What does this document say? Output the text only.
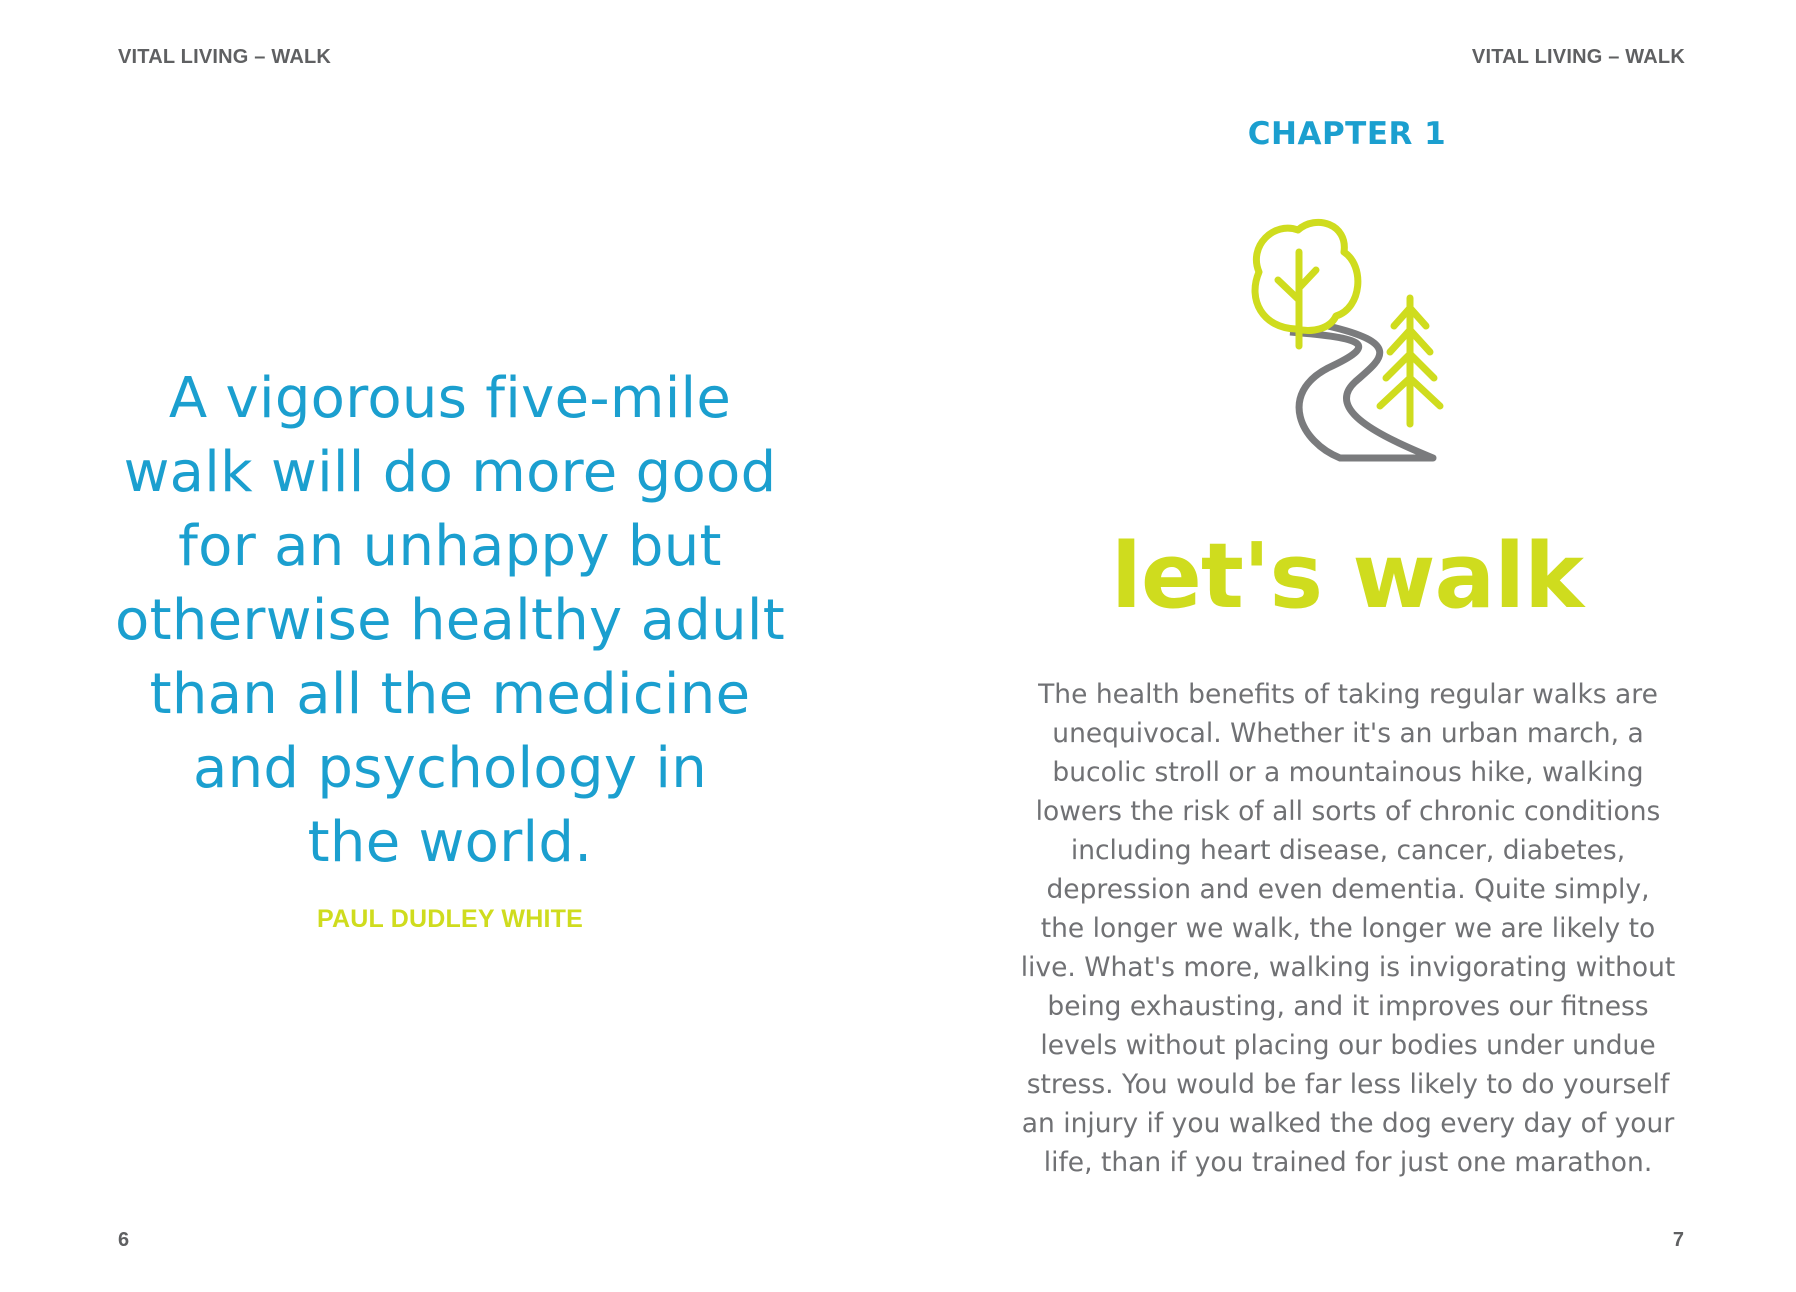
VITAL LIVING – WALK

A vigorous five-mile
walk will do more good
for an unhappy but
otherwise healthy adult
than all the medicine
and psychology in
the world.

PAUL DUDLEY WHITE
6
VITAL LIVING – WALK
CHAPTER 1
let's walk

The health benefits of taking regular walks are
unequivocal. Whether it's an urban march, a
bucolic stroll or a mountainous hike, walking
lowers the risk of all sorts of chronic conditions
including heart disease, cancer, diabetes,
depression and even dementia. Quite simply,
the longer we walk, the longer we are likely to
live. What's more, walking is invigorating without
being exhausting, and it improves our fitness
levels without placing our bodies under undue
stress. You would be far less likely to do yourself
an injury if you walked the dog every day of your
life, than if you trained for just one marathon.

7
